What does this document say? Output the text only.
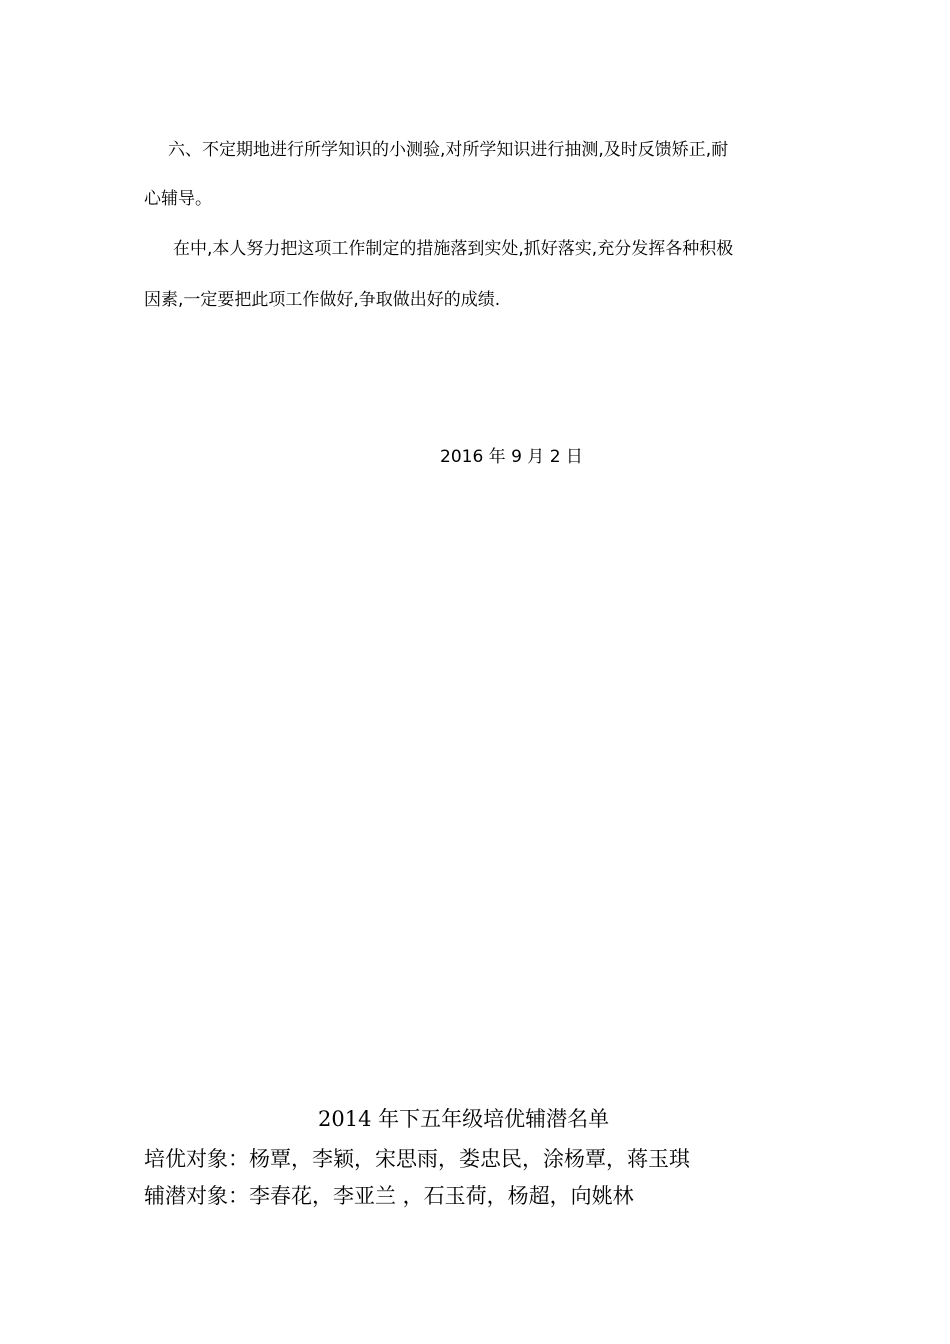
六、不定期地进行所学知识的小测验,对所学知识进行抽测,及时反馈矫正,耐
心辅导。
在中,本人努力把这项工作制定的措施落到实处,抓好落实,充分发挥各种积极
因素,一定要把此项工作做好,争取做出好的成绩.
2016 年 9 月 2 日
2014 年下五年级培优辅潜名单
培优对象：杨覃，李颖，宋思雨，娄忠民，涂杨覃，蒋玉琪
辅潜对象：李春花，李亚兰 ，石玉荷，杨超，向姚林
